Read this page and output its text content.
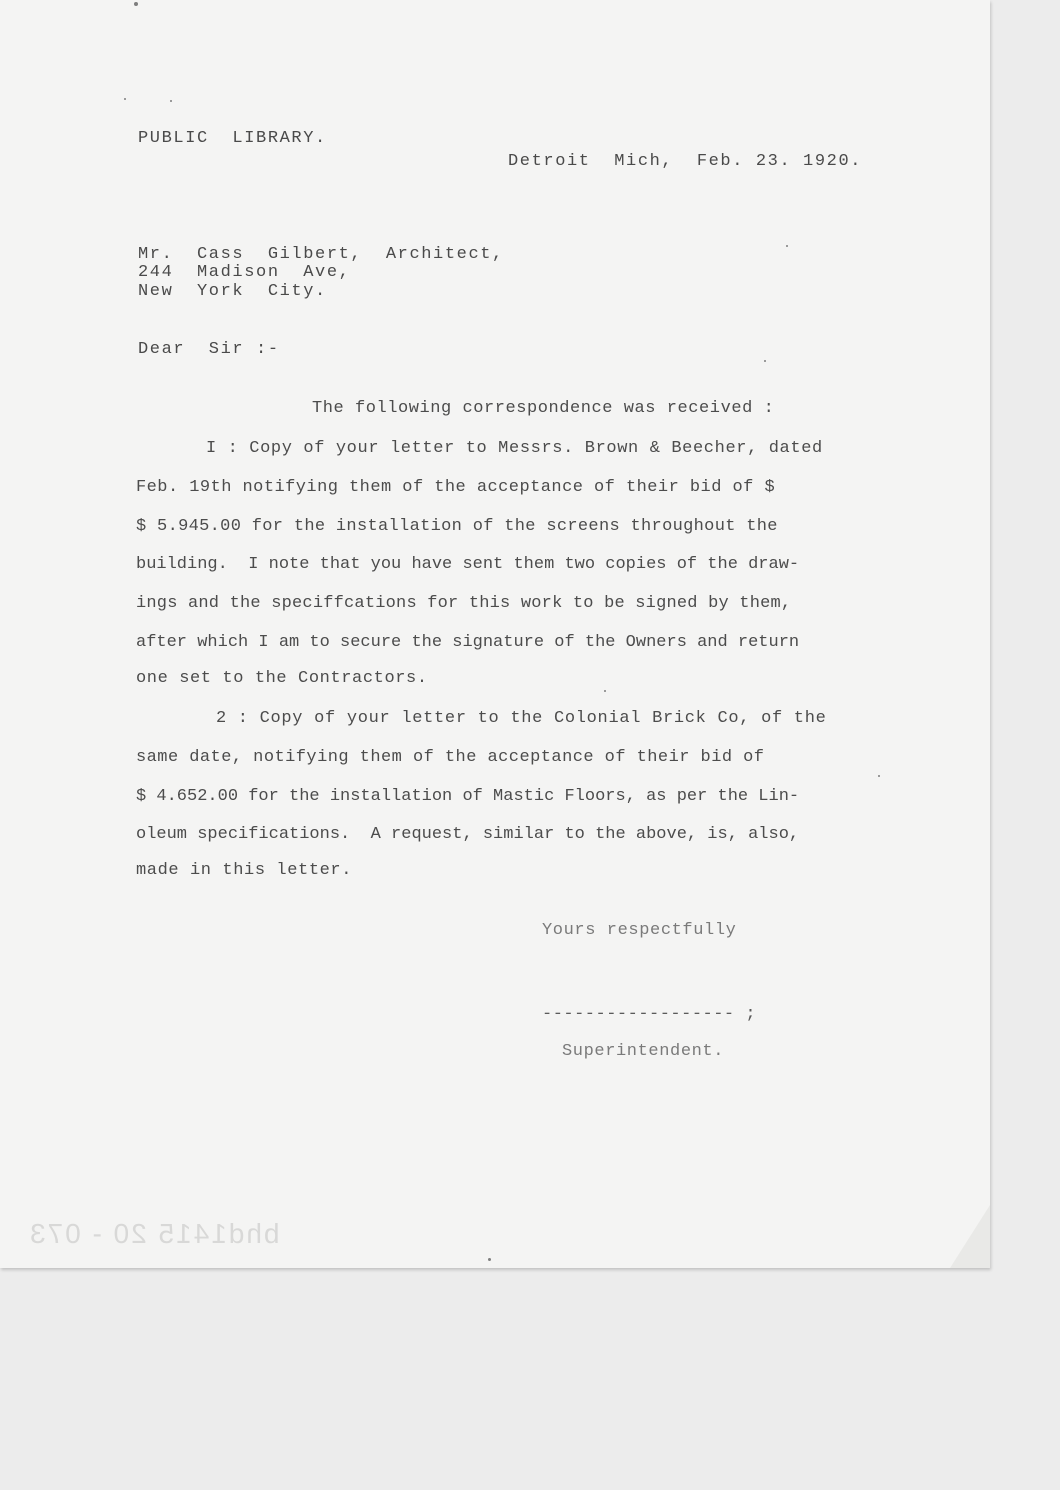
PUBLIC  LIBRARY.
Detroit  Mich,  Feb. 23. 1920.
Mr.  Cass  Gilbert,  Architect,
244  Madison  Ave,
New  York  City.
Dear  Sir :-
The following correspondence was received :
I : Copy of your letter to Messrs. Brown & Beecher, dated
Feb. 19th notifying them of the acceptance of their bid of $
$ 5.945.00 for the installation of the screens throughout the
building.  I note that you have sent them two copies of the draw-
ings and the speciffcations for this work to be signed by them,
after which I am to secure the signature of the Owners and return
one set to the Contractors.
2 : Copy of your letter to the Colonial Brick Co, of the
same date, notifying them of the acceptance of their bid of
$ 4.652.00 for the installation of Mastic Floors, as per the Lin-
oleum specifications.  A request, similar to the above, is, also,
made in this letter.
Yours respectfully
------------------ ;
Superintendent.
bhd1415 20 - 073
